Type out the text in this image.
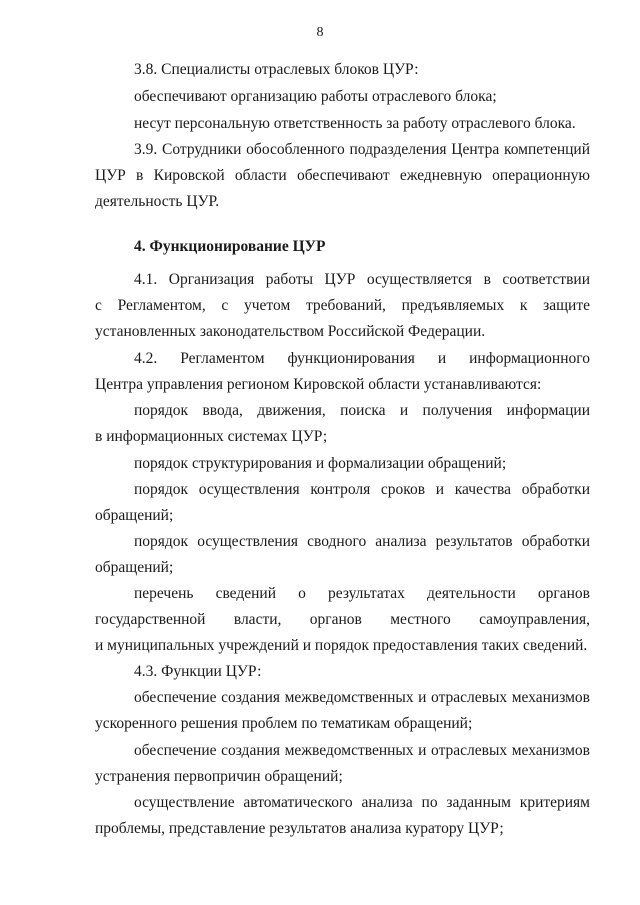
8
3.8. Специалисты отраслевых блоков ЦУР:
обеспечивают организацию работы отраслевого блока;
несут персональную ответственность за работу отраслевого блока.
3.9. Сотрудники обособленного подразделения Центра компетенций
ЦУР в Кировской области обеспечивают ежедневную операционную
деятельность ЦУР.
4. Функционирование ЦУР
4.1. Организация работы ЦУР осуществляется в соответствии
с Регламентом, с учетом требований, предъявляемых к защите
установленных законодательством Российской Федерации.
4.2. Регламентом функционирования и информационного
Центра управления регионом Кировской области устанавливаются:
порядок ввода, движения, поиска и получения информации
в информационных системах ЦУР;
порядок структурирования и формализации обращений;
порядок осуществления контроля сроков и качества обработки
обращений;
порядок осуществления сводного анализа результатов обработки
обращений;
перечень сведений о результатах деятельности органов
государственной власти, органов местного самоуправления,
и муниципальных учреждений и порядок предоставления таких сведений.
4.3. Функции ЦУР:
обеспечение создания межведомственных и отраслевых механизмов
ускоренного решения проблем по тематикам обращений;
обеспечение создания межведомственных и отраслевых механизмов
устранения первопричин обращений;
осуществление автоматического анализа по заданным критериям
проблемы, представление результатов анализа куратору ЦУР;
